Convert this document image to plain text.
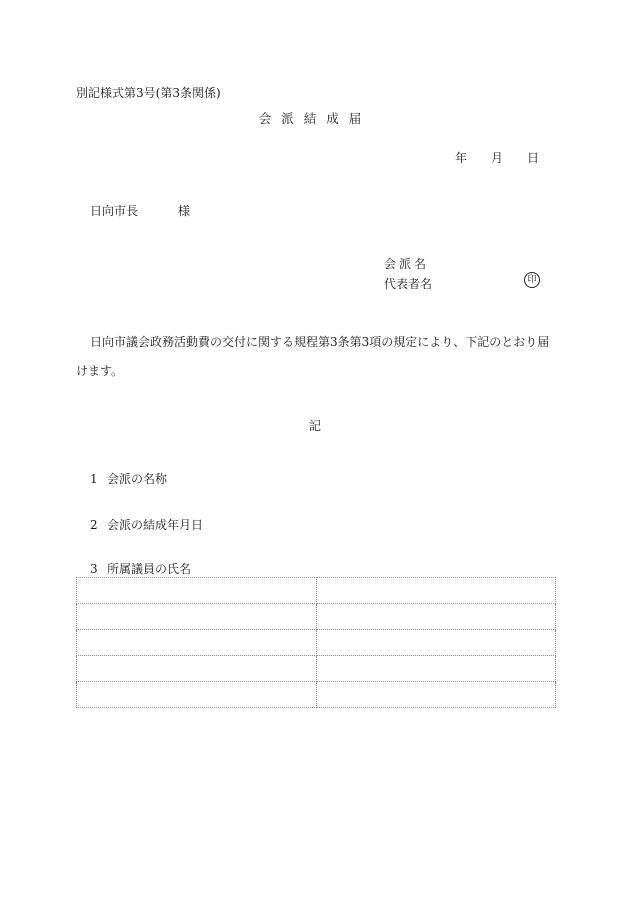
別記様式第3号(第3条関係)
会派結成届
年 月 日
日向市長	様
会派名
代表者名	印
日向市議会政務活動費の交付に関する規程第3条第3項の規定により、下記のとおり届けます。
記
1 会派の名称
2 会派の結成年月日
3 所属議員の氏名
